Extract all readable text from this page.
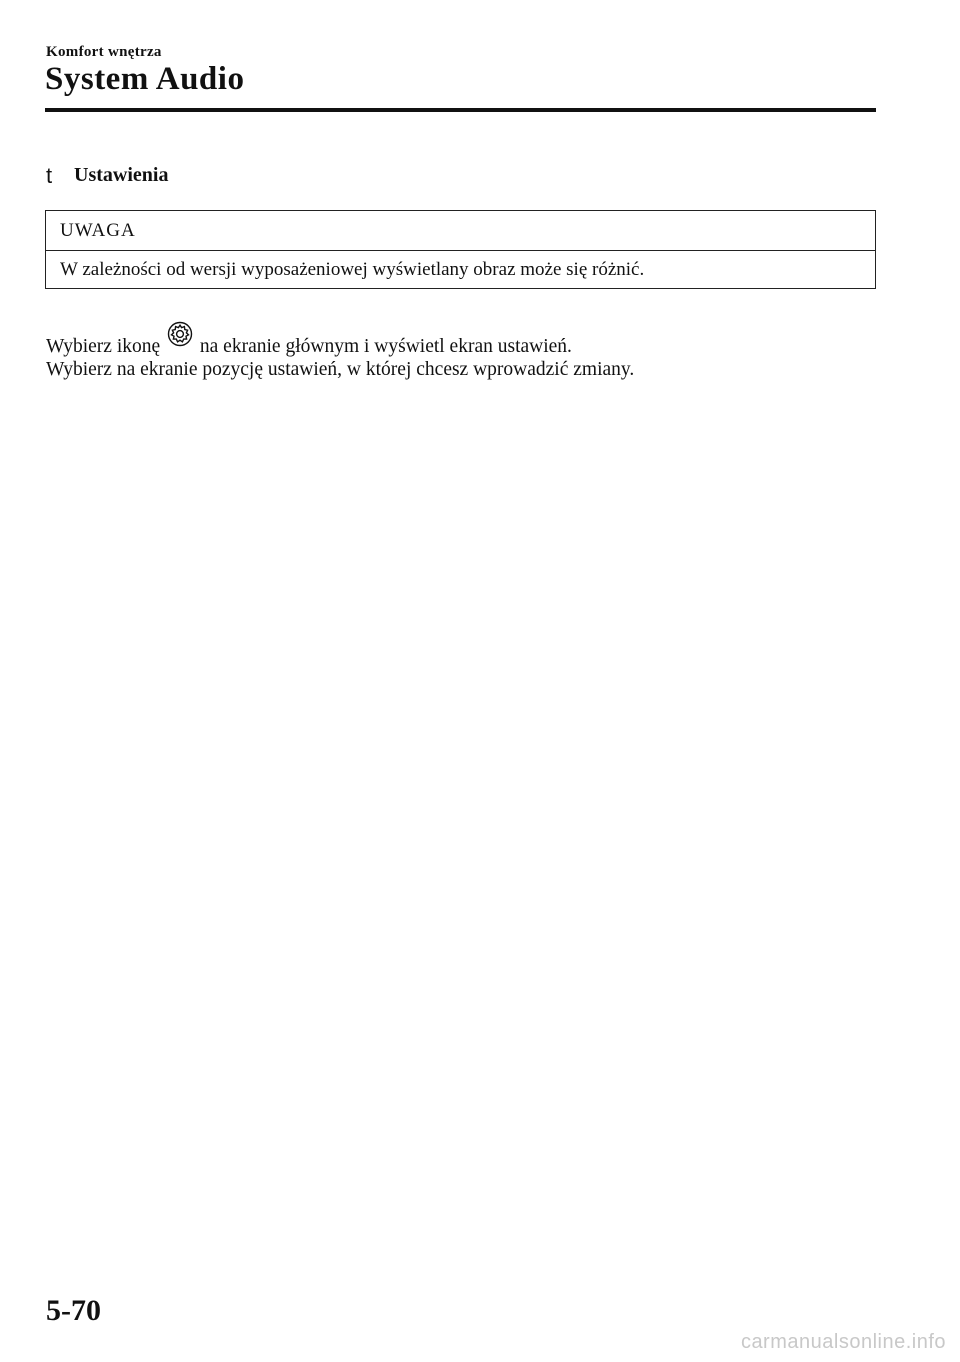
Komfort wnętrza
System Audio
t	Ustawienia
UWAGA
W zależności od wersji wyposażeniowej wyświetlany obraz może się różnić.
Wybierz ikonę na ekranie głównym i wyświetl ekran ustawień.
Wybierz na ekranie pozycję ustawień, w której chcesz wprowadzić zmiany.
5-70
carmanualsonline.info
